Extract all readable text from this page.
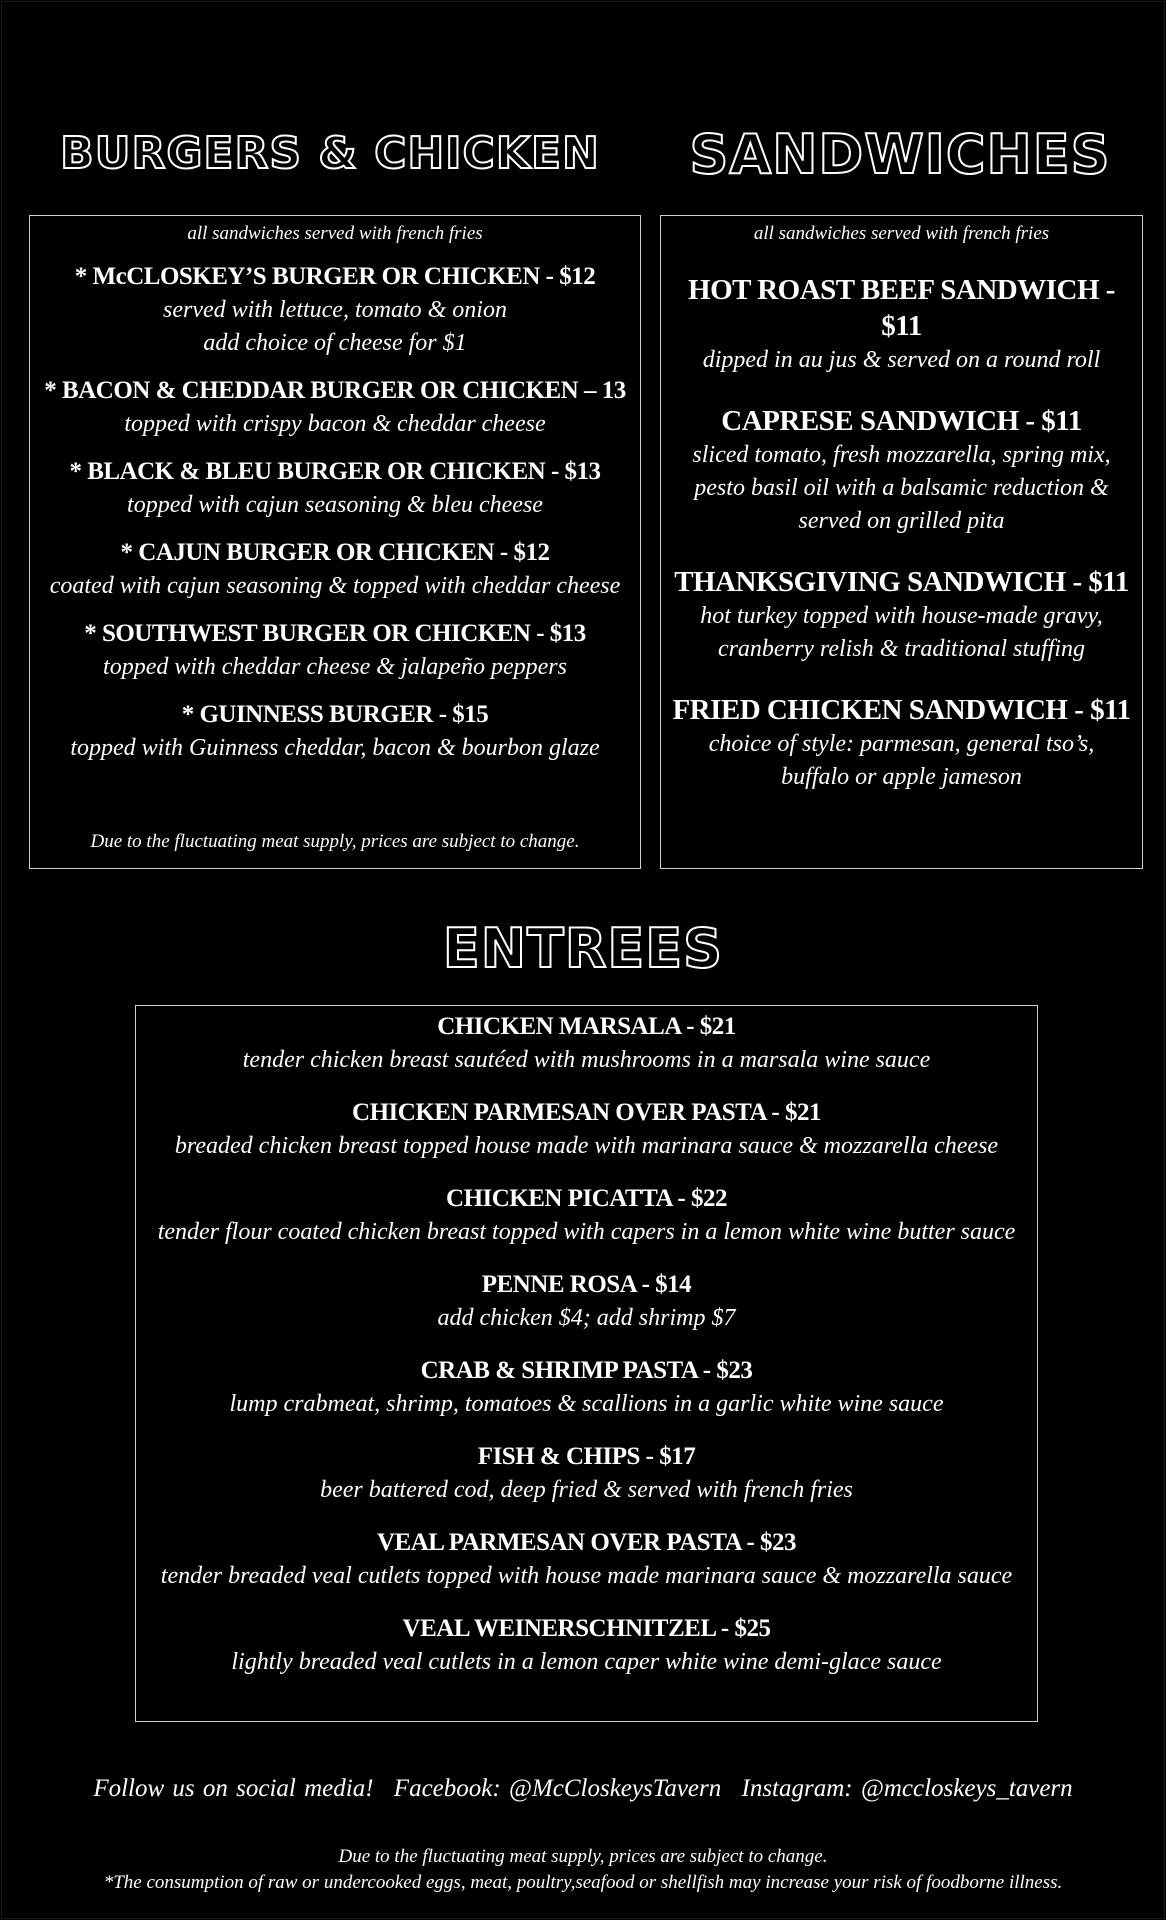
BURGERS & CHICKEN
all sandwiches served with french fries
* McCLOSKEY’S BURGER OR CHICKEN - $12
served with lettuce, tomato & onion
add choice of cheese for $1
* BACON & CHEDDAR BURGER OR CHICKEN – 13
topped with crispy bacon & cheddar cheese
* BLACK & BLEU BURGER OR CHICKEN - $13
topped with cajun seasoning & bleu cheese
* CAJUN BURGER OR CHICKEN - $12
coated with cajun seasoning & topped with cheddar cheese
* SOUTHWEST BURGER OR CHICKEN - $13
topped with cheddar cheese & jalapeño peppers
* GUINNESS BURGER - $15
topped with Guinness cheddar, bacon & bourbon glaze
Due to the fluctuating meat supply, prices are subject to change.
SANDWICHES
all sandwiches served with french fries
HOT ROAST BEEF SANDWICH -
$11
dipped in au jus & served on a round roll
CAPRESE SANDWICH - $11
sliced tomato, fresh mozzarella, spring mix,
pesto basil oil with a balsamic reduction &
served on grilled pita
THANKSGIVING SANDWICH - $11
hot turkey topped with house-made gravy,
cranberry relish & traditional stuffing
FRIED CHICKEN SANDWICH - $11
choice of style: parmesan, general tso’s,
buffalo or apple jameson
ENTREES
CHICKEN MARSALA - $21
tender chicken breast sautéed with mushrooms in a marsala wine sauce
CHICKEN PARMESAN OVER PASTA - $21
breaded chicken breast topped house made with marinara sauce & mozzarella cheese
CHICKEN PICATTA - $22
tender flour coated chicken breast topped with capers in a lemon white wine butter sauce
PENNE ROSA - $14
add chicken $4; add shrimp $7
CRAB & SHRIMP PASTA - $23
lump crabmeat, shrimp, tomatoes & scallions in a garlic white wine sauce
FISH & CHIPS - $17
beer battered cod, deep fried & served with french fries
VEAL PARMESAN OVER PASTA - $23
tender breaded veal cutlets topped with house made marinara sauce & mozzarella sauce
VEAL WEINERSCHNITZEL - $25
lightly breaded veal cutlets in a lemon caper white wine demi-glace sauce
Follow us on social media! Facebook: @McCloskeysTavern Instagram: @mccloskeys_tavern
Due to the fluctuating meat supply, prices are subject to change.
*The consumption of raw or undercooked eggs, meat, poultry,seafood or shellfish may increase your risk of foodborne illness.
